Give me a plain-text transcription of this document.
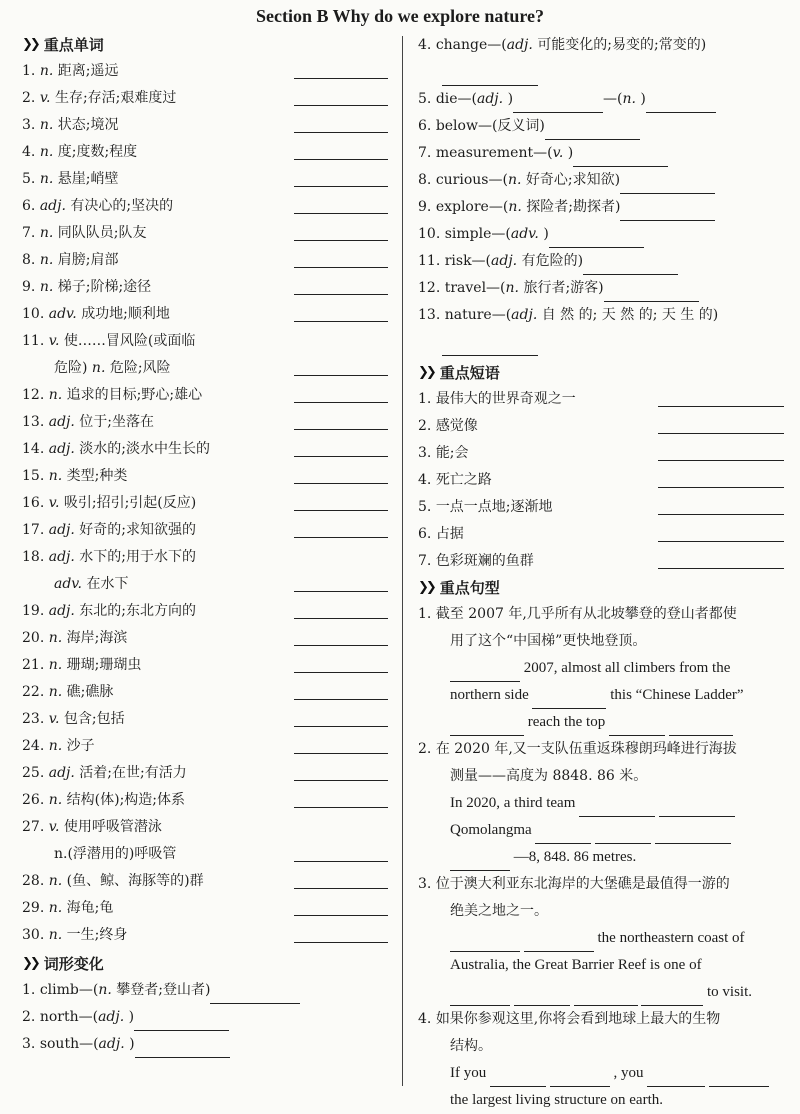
Section B Why do we explore nature?
❯❯ 重点单词
1. n. 距离;遥远
2. v. 生存;存活;艰难度过
3. n. 状态;境况
4. n. 度;度数;程度
5. n. 悬崖;峭壁
6. adj. 有决心的;坚决的
7. n. 同队队员;队友
8. n. 肩膀;肩部
9. n. 梯子;阶梯;途径
10. adv. 成功地;顺利地
11. v. 使……冒风险(或面临
危险) n. 危险;风险
12. n. 追求的目标;野心;雄心
13. adj. 位于;坐落在
14. adj. 淡水的;淡水中生长的
15. n. 类型;种类
16. v. 吸引;招引;引起(反应)
17. adj. 好奇的;求知欲强的
18. adj. 水下的;用于水下的
adv. 在水下
19. adj. 东北的;东北方向的
20. n. 海岸;海滨
21. n. 珊瑚;珊瑚虫
22. n. 礁;礁脉
23. v. 包含;包括
24. n. 沙子
25. adj. 活着;在世;有活力
26. n. 结构(体);构造;体系
27. v. 使用呼吸管潜泳
n.(浮潜用的)呼吸管
28. n. (鱼、鲸、海豚等的)群
29. n. 海龟;龟
30. n. 一生;终身
❯❯ 词形变化
1. climb—(n. 攀登者;登山者)
2. north—(adj. )
3. south—(adj. )
4. change—(adj. 可能变化的;易变的;常变的)
5. die—(adj. )	—(n. )
6. below—(反义词)
7. measurement—(v. )
8. curious—(n. 好奇心;求知欲)
9. explore—(n. 探险者;勘探者)
10. simple—(adv. )
11. risk—(adj. 有危险的)
12. travel—(n. 旅行者;游客)
13. nature—(adj. 自 然 的; 天 然 的; 天 生 的)
❯❯ 重点短语
1. 最伟大的世界奇观之一
2. 感觉像
3. 能;会
4. 死亡之路
5. 一点一点地;逐渐地
6. 占据
7. 色彩斑斓的鱼群
❯❯ 重点句型
1. 截至 2007 年,几乎所有从北坡攀登的登山者都使
用了这个“中国梯”更快地登顶。
2007, almost all climbers from the
northern side	this “Chinese Ladder”
reach the top
2. 在 2020 年,又一支队伍重返珠穆朗玛峰进行海拔
测量——高度为 8848. 86 米。
In 2020, a third team
Qomolangma
—8, 848. 86 metres.
3. 位于澳大利亚东北海岸的大堡礁是最值得一游的
绝美之地之一。
the northeastern coast of
Australia, the Great Barrier Reef is one of
to visit.
4. 如果你参观这里,你将会看到地球上最大的生物
结构。
If you	, you
the largest living structure on earth.
